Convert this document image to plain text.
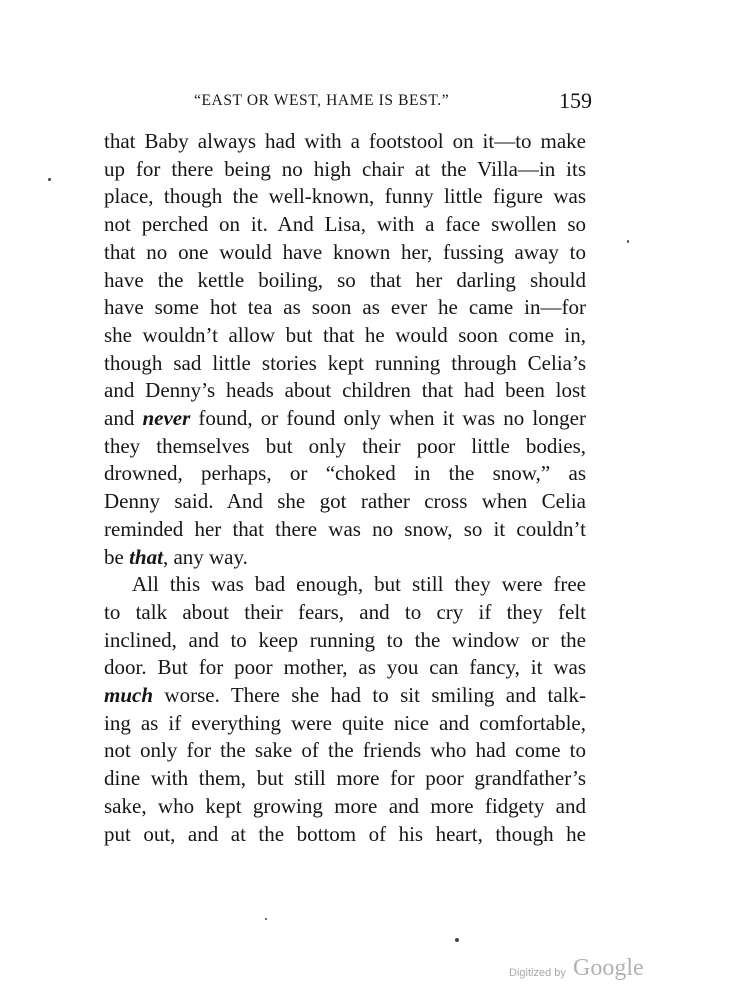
“EAST OR WEST, HAME IS BEST.”	159
that Baby always had with a footstool on it—to make
up for there being no high chair at the Villa—in its
place, though the well-known, funny little figure was
not perched on it. And Lisa, with a face swollen so
that no one would have known her, fussing away to
have the kettle boiling, so that her darling should
have some hot tea as soon as ever he came in—for
she wouldn’t allow but that he would soon come in,
though sad little stories kept running through Celia’s
and Denny’s heads about children that had been lost
and never found, or found only when it was no longer
they themselves but only their poor little bodies,
drowned, perhaps, or “choked in the snow,” as
Denny said. And she got rather cross when Celia
reminded her that there was no snow, so it couldn’t
be that, any way.
All this was bad enough, but still they were free
to talk about their fears, and to cry if they felt
inclined, and to keep running to the window or the
door. But for poor mother, as you can fancy, it was
much worse. There she had to sit smiling and talk-
ing as if everything were quite nice and comfortable,
not only for the sake of the friends who had come to
dine with them, but still more for poor grandfather’s
sake, who kept growing more and more fidgety and
put out, and at the bottom of his heart, though he
Digitized by Google
